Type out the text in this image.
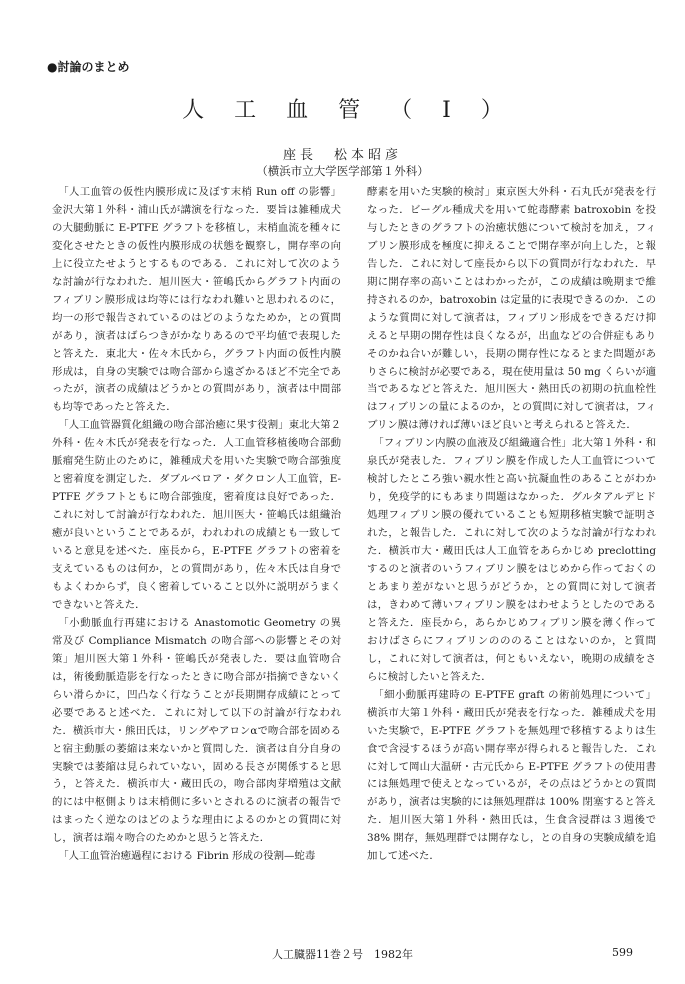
●討論のまとめ
人工血管（I）
座長　松本昭彦
（横浜市立大学医学部第１外科）

「人工血管の仮性内膜形成に及ぼす末梢 Run off の影響」金沢大第１外科・浦山氏が講演を行なった．要旨は雑種成犬の大腿動脈に E-PTFE グラフトを移植し，末梢血流を種々に変化させたときの仮性内膜形成の状態を観察し，開存率の向上に役立たせようとするものである．これに対して次のような討論が行なわれた．旭川医大・笹嶋氏からグラフト内面のフィブリン膜形成は均等には行なわれ難いと思われるのに，均一の形で報告されているのはどのようなためか，との質問があり，演者はばらつきがかなりあるので平均値で表現したと答えた．東北大・佐々木氏から，グラフト内面の仮性内膜形成は，自身の実験では吻合部から遠ざかるほど不完全であったが，演者の成績はどうかとの質問があり，演者は中間部も均等であったと答えた．

「人工血管器質化組織の吻合部治癒に果す役割」東北大第２外科・佐々木氏が発表を行なった．人工血管移植後吻合部動脈瘤発生防止のために，雑種成犬を用いた実験で吻合部強度と密着度を測定した．ダブルベロア・ダクロン人工血管，E-PTFE グラフトともに吻合部強度，密着度は良好であった．これに対して討論が行なわれた．旭川医大・笹嶋氏は組織治癒が良いということであるが，われわれの成績とも一致していると意見を述べた．座長から，E-PTFE グラフトの密着を支えているものは何か，との質問があり，佐々木氏は自身でもよくわからず，良く密着していること以外に説明がうまくできないと答えた．

「小動脈血行再建における Anastomotic Geometry の異常及び Compliance Mismatch の吻合部への影響とその対策」旭川医大第１外科・笹嶋氏が発表した．要は血管吻合は，術後動脈造影を行なったときに吻合部が指摘できないくらい滑らかに，凹凸なく行なうことが長期開存成績にとって必要であると述べた．これに対して以下の討論が行なわれた．横浜市大・熊田氏は，リングやアロンαで吻合部を固めると宿主動脈の萎縮は来ないかと質問した．演者は自分自身の実験では萎縮は見られていない，固める長さが関係すると思う，と答えた．横浜市大・蔵田氏の，吻合部肉芽増殖は文献的には中枢側よりは末梢側に多いとされるのに演者の報告ではまったく逆なのはどのような理由によるのかとの質問に対し，演者は端々吻合のためかと思うと答えた．

「人工血管治癒過程における Fibrin 形成の役割—蛇毒

酵素を用いた実験的検討」東京医大外科・石丸氏が発表を行なった．ビーグル種成犬を用いて蛇毒酵素 batroxobin を投与したときのグラフトの治癒状態について検討を加え，フィブリン膜形成を極度に抑えることで開存率が向上した，と報告した．これに対して座長から以下の質問が行なわれた．早期に開存率の高いことはわかったが，この成績は晩期まで維持されるのか，batroxobin は定量的に表現できるのか．このような質問に対して演者は，フィブリン形成をできるだけ抑えると早期の開存性は良くなるが，出血などの合併症もありそのかね合いが難しい，長期の開存性になるとまた問題がありさらに検討が必要である，現在使用量は 50 mg くらいが適当であるなどと答えた．旭川医大・熱田氏の初期の抗血栓性はフィブリンの量によるのか，との質問に対して演者は，フィブリン膜は薄ければ薄いほど良いと考えられると答えた．

「フィブリン内膜の血液及び組織適合性」北大第１外科・和泉氏が発表した．フィブリン膜を作成した人工血管について検討したところ強い親水性と高い抗凝血性のあることがわかり，免疫学的にもあまり問題はなかった．グルタアルデヒド処理フィブリン膜の優れていることも短期移植実験で証明された，と報告した．これに対して次のような討論が行なわれた．横浜市大・蔵田氏は人工血管をあらかじめ preclotting するのと演者のいうフィブリン膜をはじめから作っておくのとあまり差がないと思うがどうか，との質問に対して演者は，きわめて薄いフィブリン膜をはわせようとしたのであると答えた．座長から，あらかじめフィブリン膜を薄く作っておけばさらにフィブリンのののることはないのか，と質問し，これに対して演者は，何ともいえない，晩期の成績をさらに検討したいと答えた．

「細小動脈再建時の E-PTFE graft の術前処理について」横浜市大第１外科・蔵田氏が発表を行なった．雑種成犬を用いた実験で，E-PTFE グラフトを無処理で移植するよりは生食で含浸するほうが高い開存率が得られると報告した．これに対して岡山大温研・古元氏から E-PTFE グラフトの使用書には無処理で使えとなっているが，その点はどうかとの質問があり，演者は実験的には無処理群は 100% 閉塞すると答えた．旭川医大第１外科・熱田氏は，生食含浸群は３週後で 38% 開存，無処理群では開存なし，との自身の実験成績を追加して述べた．

人工臓器11巻２号　1982年	599
